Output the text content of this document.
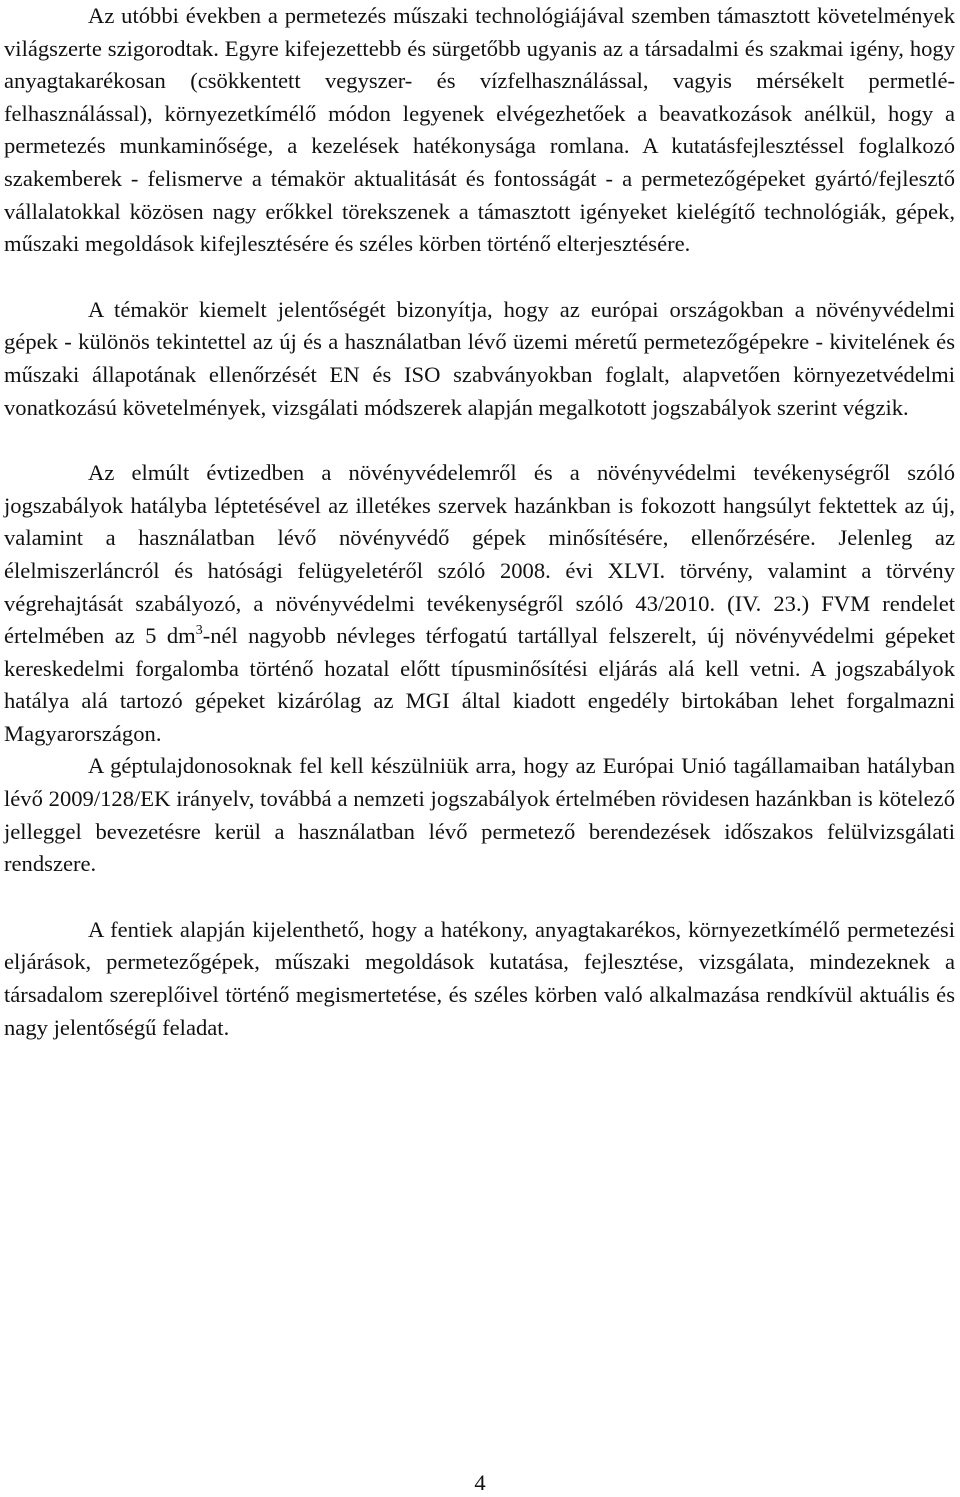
Az utóbbi években a permetezés műszaki technológiájával szemben támasztott követelmények világszerte szigorodtak. Egyre kifejezettebb és sürgetőbb ugyanis az a társadalmi és szakmai igény, hogy anyagtakarékosan (csökkentett vegyszer- és vízfelhasználással, vagyis mérsékelt permetlé-felhasználással), környezetkímélő módon legyenek elvégezhetőek a beavatkozások anélkül, hogy a permetezés munkaminősége, a kezelések hatékonysága romlana. A kutatásfejlesztéssel foglalkozó szakemberek - felismerve a témakör aktualitását és fontosságát - a permetezőgépeket gyártó/fejlesztő vállalatokkal közösen nagy erőkkel törekszenek a támasztott igényeket kielégítő technológiák, gépek, műszaki megoldások kifejlesztésére és széles körben történő elterjesztésére.

A témakör kiemelt jelentőségét bizonyítja, hogy az európai országokban a növényvédelmi gépek - különös tekintettel az új és a használatban lévő üzemi méretű permetezőgépekre - kivitelének és műszaki állapotának ellenőrzését EN és ISO szabványokban foglalt, alapvetően környezetvédelmi vonatkozású követelmények, vizsgálati módszerek alapján megalkotott jogszabályok szerint végzik.

Az elmúlt évtizedben a növényvédelemről és a növényvédelmi tevékenységről szóló jogszabályok hatályba léptetésével az illetékes szervek hazánkban is fokozott hangsúlyt fektettek az új, valamint a használatban lévő növényvédő gépek minősítésére, ellenőrzésére. Jelenleg az élelmiszerláncról és hatósági felügyeletéről szóló 2008. évi XLVI. törvény, valamint a törvény végrehajtását szabályozó, a növényvédelmi tevékenységről szóló 43/2010. (IV. 23.) FVM rendelet értelmében az 5 $dm^3$-nél nagyobb névleges térfogatú tartállyal felszerelt, új növényvédelmi gépeket kereskedelmi forgalomba történő hozatal előtt típusminősítési eljárás alá kell vetni. A jogszabályok hatálya alá tartozó gépeket kizárólag az MGI által kiadott engedély birtokában lehet forgalmazni Magyarországon.

A géptulajdonosoknak fel kell készülniük arra, hogy az Európai Unió tagállamaiban hatályban lévő 2009/128/EK irányelv, továbbá a nemzeti jogszabályok értelmében rövidesen hazánkban is kötelező jelleggel bevezetésre kerül a használatban lévő permetező berendezések időszakos felülvizsgálati rendszere.

A fentiek alapján kijelenthető, hogy a hatékony, anyagtakarékos, környezetkímélő permetezési eljárások, permetezőgépek, műszaki megoldások kutatása, fejlesztése, vizsgálata, mindezeknek a társadalom szereplőivel történő megismertetése, és széles körben való alkalmazása rendkívül aktuális és nagy jelentőségű feladat.

4
